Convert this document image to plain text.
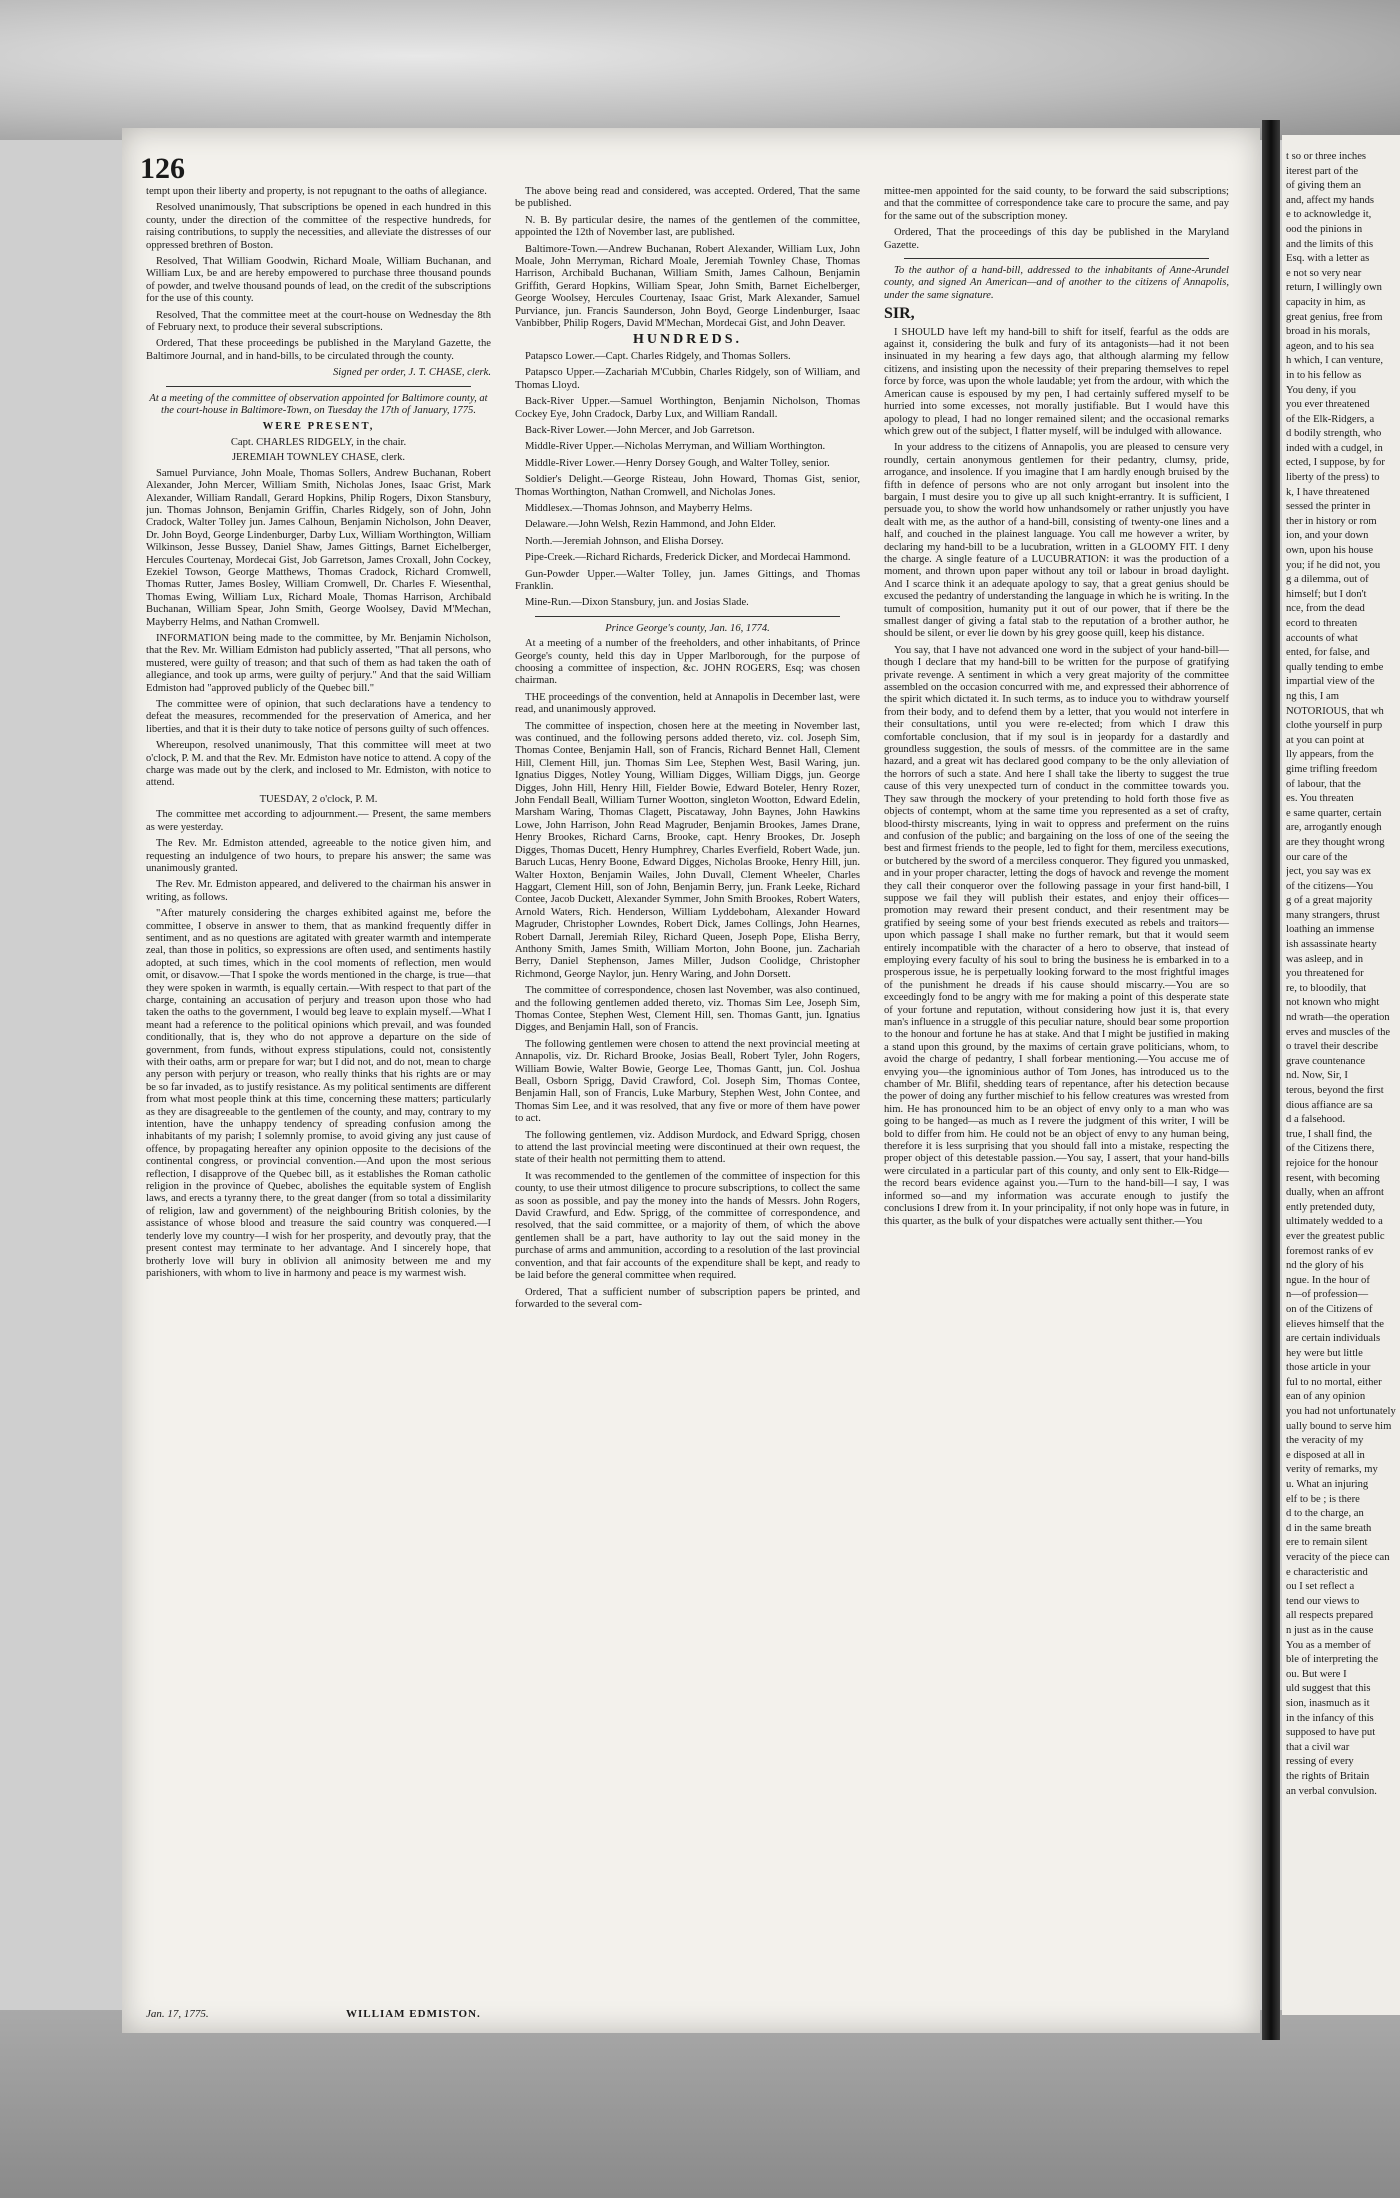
126

tempt upon their liberty and property, is not repugnant to the oaths of allegiance.

Resolved unanimously, That subscriptions be opened in each hundred in this county, under the direction of the committee of the respective hundreds, for raising contributions, to supply the necessities, and alleviate the distresses of our oppressed brethren of Boston.

Resolved, That William Goodwin, Richard Moale, William Buchanan, and William Lux, be and are hereby empowered to purchase three thousand pounds of powder, and twelve thousand pounds of lead, on the credit of the subscriptions for the use of this county.

Resolved, That the committee meet at the court-house on Wednesday the 8th of February next, to produce their several subscriptions.

Ordered, That these proceedings be published in the Maryland Gazette, the Baltimore Journal, and in hand-bills, to be circulated through the county.

Signed per order, J. T. CHASE, clerk.

At a meeting of the committee of observation appointed for Baltimore county, at the court-house in Baltimore-Town, on Tuesday the 17th of January, 1775.

WERE PRESENT,

Capt. CHARLES RIDGELY, in the chair.

JEREMIAH TOWNLEY CHASE, clerk.

Samuel Purviance, John Moale, Thomas Sollers, Andrew Buchanan, Robert Alexander, John Mercer, William Smith, Nicholas Jones, Isaac Grist, Mark Alexander, William Randall, Gerard Hopkins, Philip Rogers, Dixon Stansbury, jun. Thomas Johnson, Benjamin Griffin, Charles Ridgely, son of John, John Cradock, Walter Tolley jun. James Calhoun, Benjamin Nicholson, John Deaver, Dr. John Boyd, George Lindenburger, Darby Lux, William Worthington, William Wilkinson, Jesse Bussey, Daniel Shaw, James Gittings, Barnet Eichelberger, Hercules Courtenay, Mordecai Gist, Job Garretson, James Croxall, John Cockey, Ezekiel Towson, George Matthews, Thomas Cradock, Richard Cromwell, Thomas Rutter, James Bosley, William Cromwell, Dr. Charles F. Wiesenthal, Thomas Ewing, William Lux, Richard Moale, Thomas Harrison, Archibald Buchanan, William Spear, John Smith, George Woolsey, David M'Mechan, Mayberry Helms, and Nathan Cromwell.

INFORMATION being made to the committee, by Mr. Benjamin Nicholson, that the Rev. Mr. William Edmiston had publicly asserted, "That all persons, who mustered, were guilty of treason; and that such of them as had taken the oath of allegiance, and took up arms, were guilty of perjury." And that the said William Edmiston had "approved publicly of the Quebec bill."

The committee were of opinion, that such declarations have a tendency to defeat the measures, recommended for the preservation of America, and her liberties, and that it is their duty to take notice of persons guilty of such offences.

Whereupon, resolved unanimously, That this committee will meet at two o'clock, P. M. and that the Rev. Mr. Edmiston have notice to attend. A copy of the charge was made out by the clerk, and inclosed to Mr. Edmiston, with notice to attend.

TUESDAY, 2 o'clock, P. M.

The committee met according to adjournment.— Present, the same members as were yesterday.

The Rev. Mr. Edmiston attended, agreeable to the notice given him, and requesting an indulgence of two hours, to prepare his answer; the same was unanimously granted.

The Rev. Mr. Edmiston appeared, and delivered to the chairman his answer in writing, as follows.

"After maturely considering the charges exhibited against me, before the committee, I observe in answer to them, that as mankind frequently differ in sentiment, and as no questions are agitated with greater warmth and intemperate zeal, than those in politics, so expressions are often used, and sentiments hastily adopted, at such times, which in the cool moments of reflection, men would omit, or disavow.—That I spoke the words mentioned in the charge, is true—that they were spoken in warmth, is equally certain.—With respect to that part of the charge, containing an accusation of perjury and treason upon those who had taken the oaths to the government, I would beg leave to explain myself.—What I meant had a reference to the political opinions which prevail, and was founded conditionally, that is, they who do not approve a departure on the side of government, from funds, without express stipulations, could not, consistently with their oaths, arm or prepare for war; but I did not, and do not, mean to charge any person with perjury or treason, who really thinks that his rights are or may be so far invaded, as to justify resistance. As my political sentiments are different from what most people think at this time, concerning these matters; particularly as they are disagreeable to the gentlemen of the county, and may, contrary to my intention, have the unhappy tendency of spreading confusion among the inhabitants of my parish; I solemnly promise, to avoid giving any just cause of offence, by propagating hereafter any opinion opposite to the decisions of the continental congress, or provincial convention.—And upon the most serious reflection, I disapprove of the Quebec bill, as it establishes the Roman catholic religion in the province of Quebec, abolishes the equitable system of English laws, and erects a tyranny there, to the great danger (from so total a dissimilarity of religion, law and government) of the neighbouring British colonies, by the assistance of whose blood and treasure the said country was conquered.—I tenderly love my country—I wish for her prosperity, and devoutly pray, that the present contest may terminate to her advantage. And I sincerely hope, that brotherly love will bury in oblivion all animosity between me and my parishioners, with whom to live in harmony and peace is my warmest wish.

The above being read and considered, was accepted. Ordered, That the same be published.

N. B. By particular desire, the names of the gentlemen of the committee, appointed the 12th of November last, are published.

Baltimore-Town.—Andrew Buchanan, Robert Alexander, William Lux, John Moale, John Merryman, Richard Moale, Jeremiah Townley Chase, Thomas Harrison, Archibald Buchanan, William Smith, James Calhoun, Benjamin Griffith, Gerard Hopkins, William Spear, John Smith, Barnet Eichelberger, George Woolsey, Hercules Courtenay, Isaac Grist, Mark Alexander, Samuel Purviance, jun. Francis Saunderson, John Boyd, George Lindenburger, Isaac Vanbibber, Philip Rogers, David M'Mechan, Mordecai Gist, and John Deaver.

HUNDREDS.

Patapsco Lower.—Capt. Charles Ridgely, and Thomas Sollers.

Patapsco Upper.—Zachariah M'Cubbin, Charles Ridgely, son of William, and Thomas Lloyd.

Back-River Upper.—Samuel Worthington, Benjamin Nicholson, Thomas Cockey Eye, John Cradock, Darby Lux, and William Randall.

Back-River Lower.—John Mercer, and Job Garretson.

Middle-River Upper.—Nicholas Merryman, and William Worthington.

Middle-River Lower.—Henry Dorsey Gough, and Walter Tolley, senior.

Soldier's Delight.—George Risteau, John Howard, Thomas Gist, senior, Thomas Worthington, Nathan Cromwell, and Nicholas Jones.

Middlesex.—Thomas Johnson, and Mayberry Helms.

Delaware.—John Welsh, Rezin Hammond, and John Elder.

North.—Jeremiah Johnson, and Elisha Dorsey.

Pipe-Creek.—Richard Richards, Frederick Dicker, and Mordecai Hammond.

Gun-Powder Upper.—Walter Tolley, jun. James Gittings, and Thomas Franklin.

Mine-Run.—Dixon Stansbury, jun. and Josias Slade.

Prince George's county, Jan. 16, 1774.

At a meeting of a number of the freeholders, and other inhabitants, of Prince George's county, held this day in Upper Marlborough, for the purpose of choosing a committee of inspection, &c. JOHN ROGERS, Esq; was chosen chairman.

THE proceedings of the convention, held at Annapolis in December last, were read, and unanimously approved.

The committee of inspection, chosen here at the meeting in November last, was continued, and the following persons added thereto, viz. col. Joseph Sim, Thomas Contee, Benjamin Hall, son of Francis, Richard Bennet Hall, Clement Hill, Clement Hill, jun. Thomas Sim Lee, Stephen West, Basil Waring, jun. Ignatius Digges, Notley Young, William Digges, William Diggs, jun. George Digges, John Hill, Henry Hill, Fielder Bowie, Edward Boteler, Henry Rozer, John Fendall Beall, William Turner Wootton, singleton Wootton, Edward Edelin, Marsham Waring, Thomas Clagett, Piscataway, John Baynes, John Hawkins Lowe, John Harrison, John Read Magruder, Benjamin Brookes, James Drane, Henry Brookes, Richard Carns, Brooke, capt. Henry Brookes, Dr. Joseph Digges, Thomas Ducett, Henry Humphrey, Charles Everfield, Robert Wade, jun. Baruch Lucas, Henry Boone, Edward Digges, Nicholas Brooke, Henry Hill, jun. Walter Hoxton, Benjamin Wailes, John Duvall, Clement Wheeler, Charles Haggart, Clement Hill, son of John, Benjamin Berry, jun. Frank Leeke, Richard Contee, Jacob Duckett, Alexander Symmer, John Smith Brookes, Robert Waters, Arnold Waters, Rich. Henderson, William Lyddeboham, Alexander Howard Magruder, Christopher Lowndes, Robert Dick, James Collings, John Hearnes, Robert Darnall, Jeremiah Riley, Richard Queen, Joseph Pope, Elisha Berry, Anthony Smith, James Smith, William Morton, John Boone, jun. Zachariah Berry, Daniel Stephenson, James Miller, Judson Coolidge, Christopher Richmond, George Naylor, jun. Henry Waring, and John Dorsett.

The committee of correspondence, chosen last November, was also continued, and the following gentlemen added thereto, viz. Thomas Sim Lee, Joseph Sim, Thomas Contee, Stephen West, Clement Hill, sen. Thomas Gantt, jun. Ignatius Digges, and Benjamin Hall, son of Francis.

The following gentlemen were chosen to attend the next provincial meeting at Annapolis, viz. Dr. Richard Brooke, Josias Beall, Robert Tyler, John Rogers, William Bowie, Walter Bowie, George Lee, Thomas Gantt, jun. Col. Joshua Beall, Osborn Sprigg, David Crawford, Col. Joseph Sim, Thomas Contee, Benjamin Hall, son of Francis, Luke Marbury, Stephen West, John Contee, and Thomas Sim Lee, and it was resolved, that any five or more of them have power to act.

The following gentlemen, viz. Addison Murdock, and Edward Sprigg, chosen to attend the last provincial meeting were discontinued at their own request, the state of their health not permitting them to attend.

It was recommended to the gentlemen of the committee of inspection for this county, to use their utmost diligence to procure subscriptions, to collect the same as soon as possible, and pay the money into the hands of Messrs. John Rogers, David Crawfurd, and Edw. Sprigg, of the committee of correspondence, and resolved, that the said committee, or a majority of them, of which the above gentlemen shall be a part, have authority to lay out the said money in the purchase of arms and ammunition, according to a resolution of the last provincial convention, and that fair accounts of the expenditure shall be kept, and ready to be laid before the general committee when required.

Ordered, That a sufficient number of subscription papers be printed, and forwarded to the several com-

mittee-men appointed for the said county, to be forward the said subscriptions; and that the committee of correspondence take care to procure the same, and pay for the same out of the subscription money.

Ordered, That the proceedings of this day be published in the Maryland Gazette.

To the author of a hand-bill, addressed to the inhabitants of Anne-Arundel county, and signed An American—and of another to the citizens of Annapolis, under the same signature.

SIR,

I SHOULD have left my hand-bill to shift for itself, fearful as the odds are against it, considering the bulk and fury of its antagonists—had it not been insinuated in my hearing a few days ago, that although alarming my fellow citizens, and insisting upon the necessity of their preparing themselves to repel force by force, was upon the whole laudable; yet from the ardour, with which the American cause is espoused by my pen, I had certainly suffered myself to be hurried into some excesses, not morally justifiable. But I would have this apology to plead, I had no longer remained silent; and the occasional remarks which grew out of the subject, I flatter myself, will be indulged with allowance.

In your address to the citizens of Annapolis, you are pleased to censure very roundly, certain anonymous gentlemen for their pedantry, clumsy, pride, arrogance, and insolence. If you imagine that I am hardly enough bruised by the fifth in defence of persons who are not only arrogant but insolent into the bargain, I must desire you to give up all such knight-errantry. It is sufficient, I persuade you, to show the world how unhandsomely or rather unjustly you have dealt with me, as the author of a hand-bill, consisting of twenty-one lines and a half, and couched in the plainest language. You call me however a writer, by declaring my hand-bill to be a lucubration, written in a GLOOMY FIT. I deny the charge. A single feature of a LUCUBRATION: it was the production of a moment, and thrown upon paper without any toil or labour in broad daylight. And I scarce think it an adequate apology to say, that a great genius should be excused the pedantry of understanding the language in which he is writing. In the tumult of composition, humanity put it out of our power, that if there be the smallest danger of giving a fatal stab to the reputation of a brother author, he should be silent, or ever lie down by his grey goose quill, keep his distance.

You say, that I have not advanced one word in the subject of your hand-bill—though I declare that my hand-bill to be written for the purpose of gratifying private revenge. A sentiment in which a very great majority of the committee assembled on the occasion concurred with me, and expressed their abhorrence of the spirit which dictated it. In such terms, as to induce you to withdraw yourself from their body, and to defend them by a letter, that you would not interfere in their consultations, until you were re-elected; from which I draw this comfortable conclusion, that if my soul is in jeopardy for a dastardly and groundless suggestion, the souls of messrs. of the committee are in the same hazard, and a great wit has declared good company to be the only alleviation of the horrors of such a state. And here I shall take the liberty to suggest the true cause of this very unexpected turn of conduct in the committee towards you. They saw through the mockery of your pretending to hold forth those five as objects of contempt, whom at the same time you represented as a set of crafty, blood-thirsty miscreants, lying in wait to oppress and preferment on the ruins and confusion of the public; and bargaining on the loss of one of the seeing the best and firmest friends to the people, led to fight for them, merciless executions, or butchered by the sword of a merciless conqueror. They figured you unmasked, and in your proper character, letting the dogs of havock and revenge the moment they call their conqueror over the following passage in your first hand-bill, I suppose we fail they will publish their estates, and enjoy their offices—promotion may reward their present conduct, and their resentment may be gratified by seeing some of your best friends executed as rebels and traitors—upon which passage I shall make no further remark, but that it would seem entirely incompatible with the character of a hero to observe, that instead of employing every faculty of his soul to bring the business he is embarked in to a prosperous issue, he is perpetually looking forward to the most frightful images of the punishment he dreads if his cause should miscarry.—You are so exceedingly fond to be angry with me for making a point of this desperate state of your fortune and reputation, without considering how just it is, that every man's influence in a struggle of this peculiar nature, should bear some proportion to the honour and fortune he has at stake. And that I might be justified in making a stand upon this ground, by the maxims of certain grave politicians, whom, to avoid the charge of pedantry, I shall forbear mentioning.—You accuse me of envying you—the ignominious author of Tom Jones, has introduced us to the chamber of Mr. Blifil, shedding tears of repentance, after his detection because the power of doing any further mischief to his fellow creatures was wrested from him. He has pronounced him to be an object of envy only to a man who was going to be hanged—as much as I revere the judgment of this writer, I will be bold to differ from him. He could not be an object of envy to any human being, therefore it is less surprising that you should fall into a mistake, respecting the proper object of this detestable passion.—You say, I assert, that your hand-bills were circulated in a particular part of this county, and only sent to Elk-Ridge—the record bears evidence against you.—Turn to the hand-bill—I say, I was informed so—and my information was accurate enough to justify the conclusions I drew from it. In your principality, if not only hope was in future, in this quarter, as the bulk of your dispatches were actually sent thither.—You

Jan. 17, 1775.	WILLIAM EDMISTON.
t so or three inches
iterest part of the
of giving them an
and, affect my hands
e to acknowledge it,
ood the pinions in
and the limits of this
Esq. with a letter as
e not so very near
return, I willingly own
capacity in him, as
great genius, free from
broad in his morals,
ageon, and to his sea
h which, I can venture,
in to his fellow as
You deny, if you
you ever threatened
of the Elk-Ridgers, a
d bodily strength, who
inded with a cudgel, in
ected, I suppose, by for
liberty of the press) to
k, I have threatened
sessed the printer in
ther in history or rom
ion, and your down
own, upon his house
you; if he did not, you
g a dilemma, out of
himself; but I don't
nce, from the dead
ecord to threaten
accounts of what
ented, for false, and
qually tending to embe
impartial view of the
ng this, I am
NOTORIOUS, that wh
clothe yourself in purp
at you can point at
lly appears, from the
gime trifling freedom
of labour, that the
es. You threaten
e same quarter, certain
are, arrogantly enough
are they thought wrong
our care of the
ject, you say was ex
of the citizens—You
g of a great majority
many strangers, thrust
loathing an immense
ish assassinate hearty
was asleep, and in
you threatened for
re, to bloodily, that
not known who might
nd wrath—the operation
erves and muscles of the
o travel their describe
grave countenance
nd. Now, Sir, I
terous, beyond the first
dious affiance are sa
d a falsehood.
true, I shall find, the
of the Citizens there,
rejoice for the honour
resent, with becoming
dually, when an affront
ently pretended duty,
ultimately wedded to a
ever the greatest public
foremost ranks of ev
nd the glory of his
ngue. In the hour of
n—of profession—
on of the Citizens of
elieves himself that the
are certain individuals
hey were but little
those article in your
ful to no mortal, either
ean of any opinion
you had not unfortunately
ually bound to serve him
the veracity of my
e disposed at all in
verity of remarks, my
u. What an injuring
elf to be ; is there
d to the charge, an
d in the same breath
ere to remain silent
veracity of the piece can
e characteristic and
ou I set reflect a
tend our views to
all respects prepared
n just as in the cause
You as a member of
ble of interpreting the
ou. But were I
uld suggest that this
sion, inasmuch as it
in the infancy of this
supposed to have put
that a civil war
ressing of every
the rights of Britain
an verbal convulsion.
